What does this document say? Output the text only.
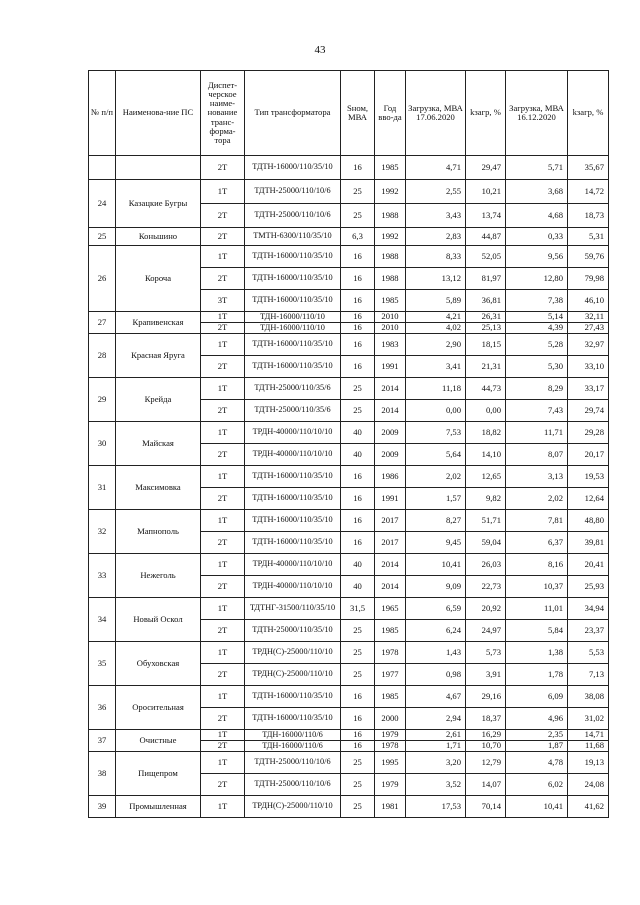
43
№ п/п	Наименова-ние ПС	Диспет-черское наиме-нование транс-форма-тора	Тип трансформатора	Sном, МВА	Год вво-да	Загрузка, МВА 17.06.2020	kзагр, %	Загрузка, МВА 16.12.2020	kзагр, %
		2Т	ТДТН-16000/110/35/10	16	1985	4,71	29,47	5,71	35,67
24	Казацкие Бугры	1Т	ТДТН-25000/110/10/6	25	1992	2,55	10,21	3,68	14,72
		2Т	ТДТН-25000/110/10/6	25	1988	3,43	13,74	4,68	18,73
25	Коньшино	2Т	ТМТН-6300/110/35/10	6,3	1992	2,83	44,87	0,33	5,31
26	Короча	1Т	ТДТН-16000/110/35/10	16	1988	8,33	52,05	9,56	59,76
		2Т	ТДТН-16000/110/35/10	16	1988	13,12	81,97	12,80	79,98
		3Т	ТДТН-16000/110/35/10	16	1985	5,89	36,81	7,38	46,10
27	Крапивенская	1Т	ТДН-16000/110/10	16	2010	4,21	26,31	5,14	32,11
		2Т	ТДН-16000/110/10	16	2010	4,02	25,13	4,39	27,43
28	Красная Яруга	1Т	ТДТН-16000/110/35/10	16	1983	2,90	18,15	5,28	32,97
		2Т	ТДТН-16000/110/35/10	16	1991	3,41	21,31	5,30	33,10
29	Крейда	1Т	ТДТН-25000/110/35/6	25	2014	11,18	44,73	8,29	33,17
		2Т	ТДТН-25000/110/35/6	25	2014	0,00	0,00	7,43	29,74
30	Майская	1Т	ТРДН-40000/110/10/10	40	2009	7,53	18,82	11,71	29,28
		2Т	ТРДН-40000/110/10/10	40	2009	5,64	14,10	8,07	20,17
31	Максимовка	1Т	ТДТН-16000/110/35/10	16	1986	2,02	12,65	3,13	19,53
		2Т	ТДТН-16000/110/35/10	16	1991	1,57	9,82	2,02	12,64
32	Мапнополь	1Т	ТДТН-16000/110/35/10	16	2017	8,27	51,71	7,81	48,80
		2Т	ТДТН-16000/110/35/10	16	2017	9,45	59,04	6,37	39,81
33	Нежеголь	1Т	ТРДН-40000/110/10/10	40	2014	10,41	26,03	8,16	20,41
		2Т	ТРДН-40000/110/10/10	40	2014	9,09	22,73	10,37	25,93
34	Новый Оскол	1Т	ТДТНГ-31500/110/35/10	31,5	1965	6,59	20,92	11,01	34,94
		2Т	ТДТН-25000/110/35/10	25	1985	6,24	24,97	5,84	23,37
35	Обуховская	1Т	ТРДН(С)-25000/110/10	25	1978	1,43	5,73	1,38	5,53
		2Т	ТРДН(С)-25000/110/10	25	1977	0,98	3,91	1,78	7,13
36	Оросительная	1Т	ТДТН-16000/110/35/10	16	1985	4,67	29,16	6,09	38,08
		2Т	ТДТН-16000/110/35/10	16	2000	2,94	18,37	4,96	31,02
37	Очистные	1Т	ТДН-16000/110/6	16	1979	2,61	16,29	2,35	14,71
		2Т	ТДН-16000/110/6	16	1978	1,71	10,70	1,87	11,68
38	Пищепром	1Т	ТДТН-25000/110/10/6	25	1995	3,20	12,79	4,78	19,13
		2Т	ТДТН-25000/110/10/6	25	1979	3,52	14,07	6,02	24,08
39	Промышленная	1Т	ТРДН(С)-25000/110/10	25	1981	17,53	70,14	10,41	41,62
